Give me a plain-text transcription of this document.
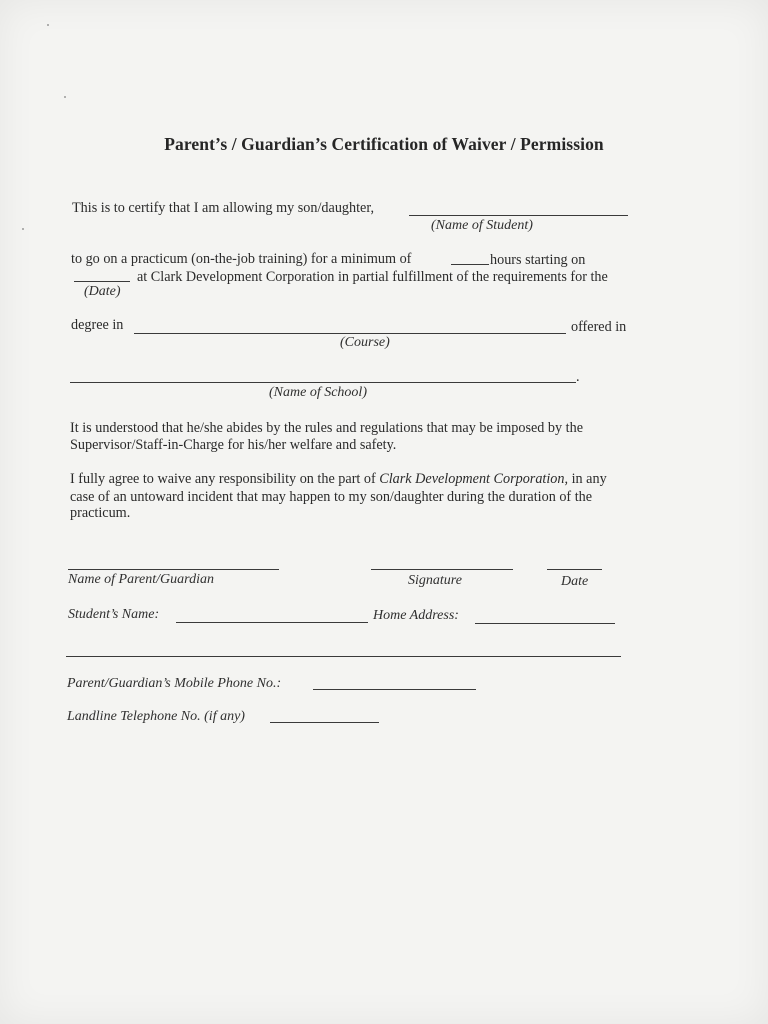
Parent’s / Guardian’s Certification of Waiver / Permission
This is to certify that I am allowing my son/daughter,
(Name of Student)
to go on a practicum (on-the-job training) for a minimum of	hours starting on
at Clark Development Corporation in partial fulfillment of the requirements for the
(Date)
degree in	offered in
(Course)
.
(Name of School)
It is understood that he/she abides by the rules and regulations that may be imposed by the
Supervisor/Staff-in-Charge for his/her welfare and safety.
I fully agree to waive any responsibility on the part of Clark Development Corporation, in any
case of an untoward incident that may happen to my son/daughter during the duration of the
practicum.
Name of Parent/Guardian	Signature	Date
Student’s Name:	Home Address:
Parent/Guardian’s Mobile Phone No.:
Landline Telephone No. (if any)
